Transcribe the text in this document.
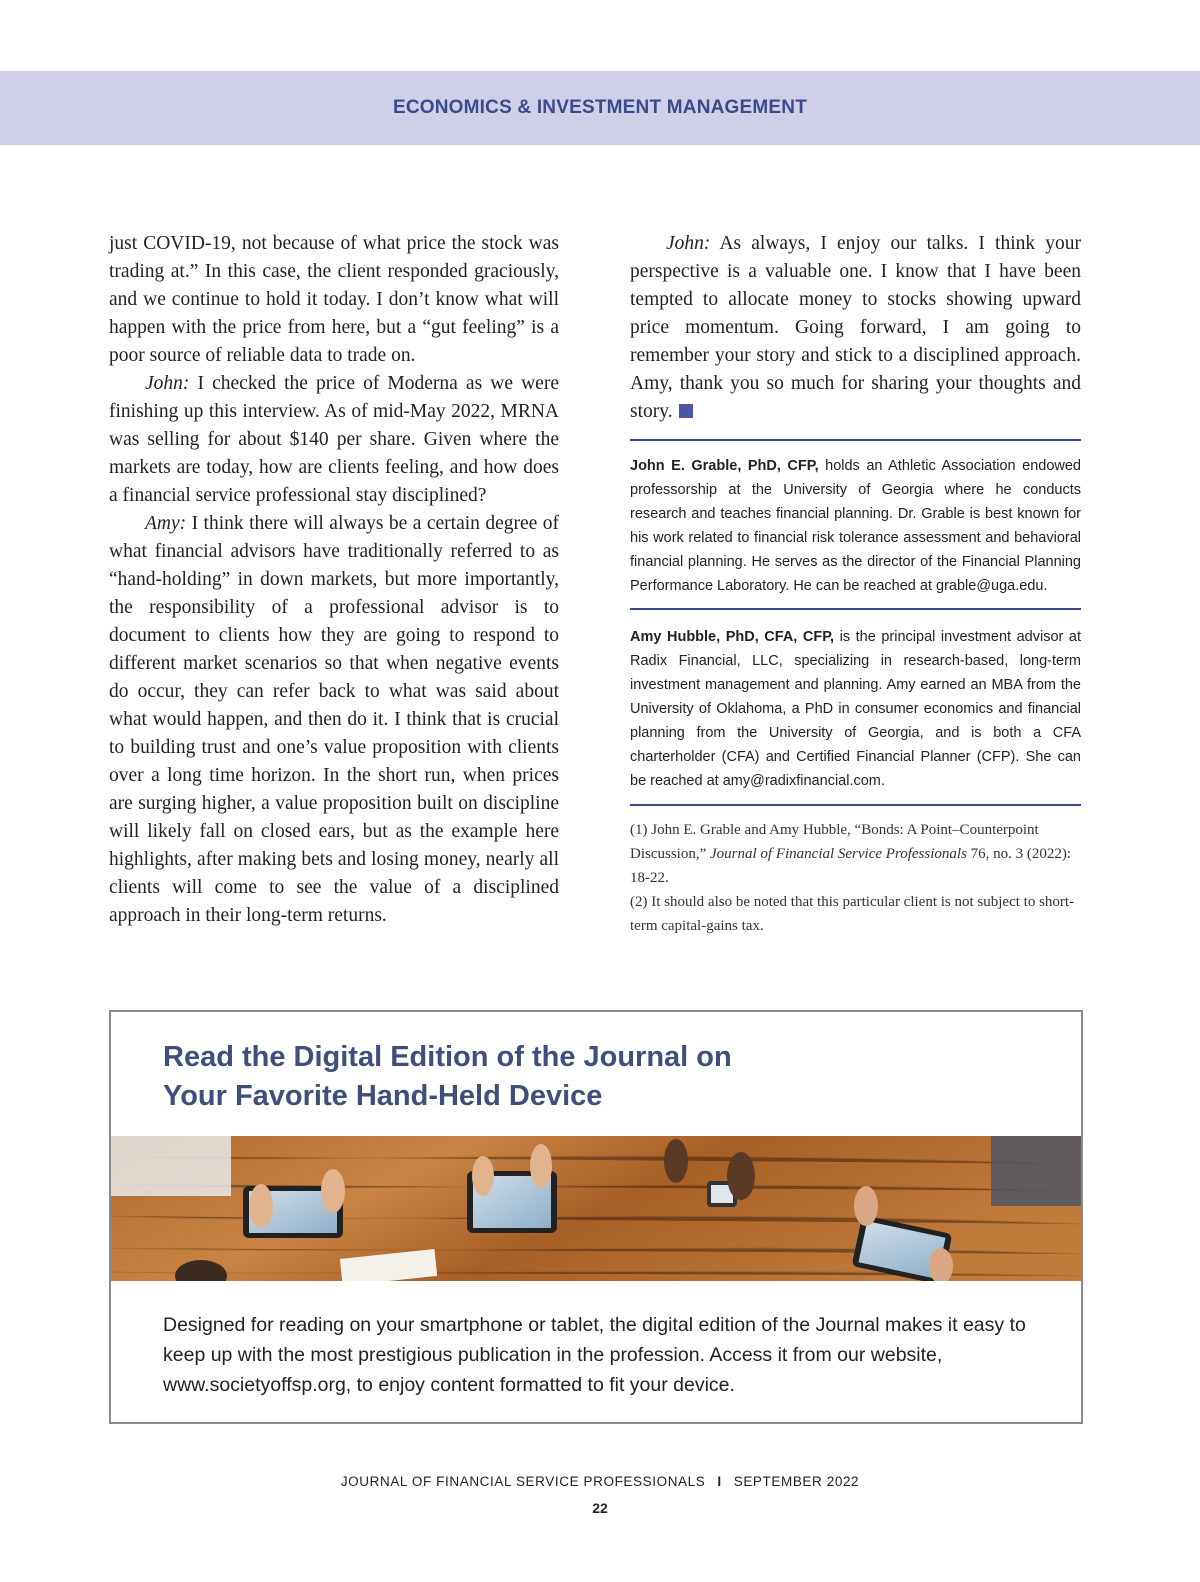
ECONOMICS & INVESTMENT MANAGEMENT

just COVID-19, not because of what price the stock was trading at.” In this case, the client responded graciously, and we continue to hold it today. I don’t know what will happen with the price from here, but a “gut feeling” is a poor source of reliable data to trade on.

John: I checked the price of Moderna as we were finishing up this interview. As of mid-May 2022, MRNA was selling for about $140 per share. Given where the markets are today, how are clients feeling, and how does a financial service professional stay disciplined?

Amy: I think there will always be a certain degree of what financial advisors have traditionally referred to as “hand-holding” in down markets, but more importantly, the responsibility of a professional advisor is to document to clients how they are going to respond to different market scenarios so that when negative events do occur, they can refer back to what was said about what would happen, and then do it. I think that is crucial to building trust and one’s value proposition with clients over a long time horizon. In the short run, when prices are surging higher, a value proposition built on discipline will likely fall on closed ears, but as the example here highlights, after making bets and losing money, nearly all clients will come to see the value of a disciplined approach in their long-term returns.

John: As always, I enjoy our talks. I think your perspective is a valuable one. I know that I have been tempted to allocate money to stocks showing upward price momentum. Going forward, I am going to remember your story and stick to a disciplined approach. Amy, thank you so much for sharing your thoughts and story.

John E. Grable, PhD, CFP, holds an Athletic Association endowed professorship at the University of Georgia where he conducts research and teaches financial planning. Dr. Grable is best known for his work related to financial risk tolerance assessment and behavioral financial planning. He serves as the director of the Financial Planning Performance Laboratory. He can be reached at grable@uga.edu.

Amy Hubble, PhD, CFA, CFP, is the principal investment advisor at Radix Financial, LLC, specializing in research-based, long-term investment management and planning. Amy earned an MBA from the University of Oklahoma, a PhD in consumer economics and financial planning from the University of Georgia, and is both a CFA charterholder (CFA) and Certified Financial Planner (CFP). She can be reached at amy@radixfinancial.com.

(1) John E. Grable and Amy Hubble, “Bonds: A Point–Counterpoint Discussion,” Journal of Financial Service Professionals 76, no. 3 (2022): 18-22.

(2) It should also be noted that this particular client is not subject to short-term capital-gains tax.

Read the Digital Edition of the Journal on
Your Favorite Hand-Held Device

Designed for reading on your smartphone or tablet, the digital edition of the Journal makes it easy to keep up with the most prestigious publication in the profession. Access it from our website, www.societyoffsp.org, to enjoy content formatted to fit your device.

JOURNAL OF FINANCIAL SERVICE PROFESSIONALS I SEPTEMBER 2022
22
